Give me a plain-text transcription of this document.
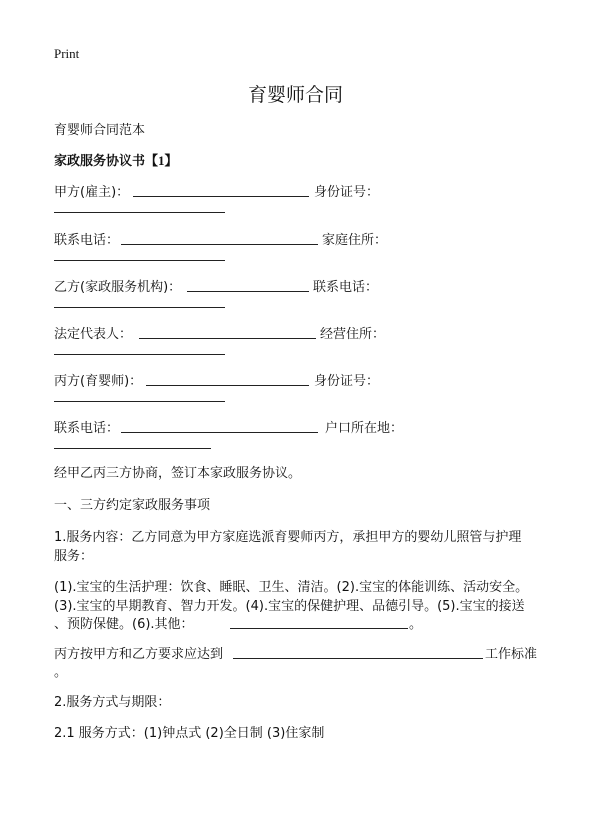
Print
育婴师合同
育婴师合同范本
家政服务协议书【1】
甲方(雇主)：	身份证号：
联系电话：	家庭住所：
乙方(家政服务机构)：	联系电话：
法定代表人：	经营住所：
丙方(育婴师)：	身份证号：
联系电话：	户口所在地：
经甲乙丙三方协商，签订本家政服务协议。
一、三方约定家政服务事项
1.服务内容：乙方同意为甲方家庭选派育婴师丙方，承担甲方的婴幼儿照管与护理
服务：
(1).宝宝的生活护理：饮食、睡眠、卫生、清洁。(2).宝宝的体能训练、活动安全。
(3).宝宝的早期教育、智力开发。(4).宝宝的保健护理、品德引导。(5).宝宝的接送
、预防保健。(6).其他：	。
丙方按甲方和乙方要求应达到	工作标准
。
2.服务方式与期限：
2.1 服务方式：(1)钟点式 (2)全日制 (3)住家制
